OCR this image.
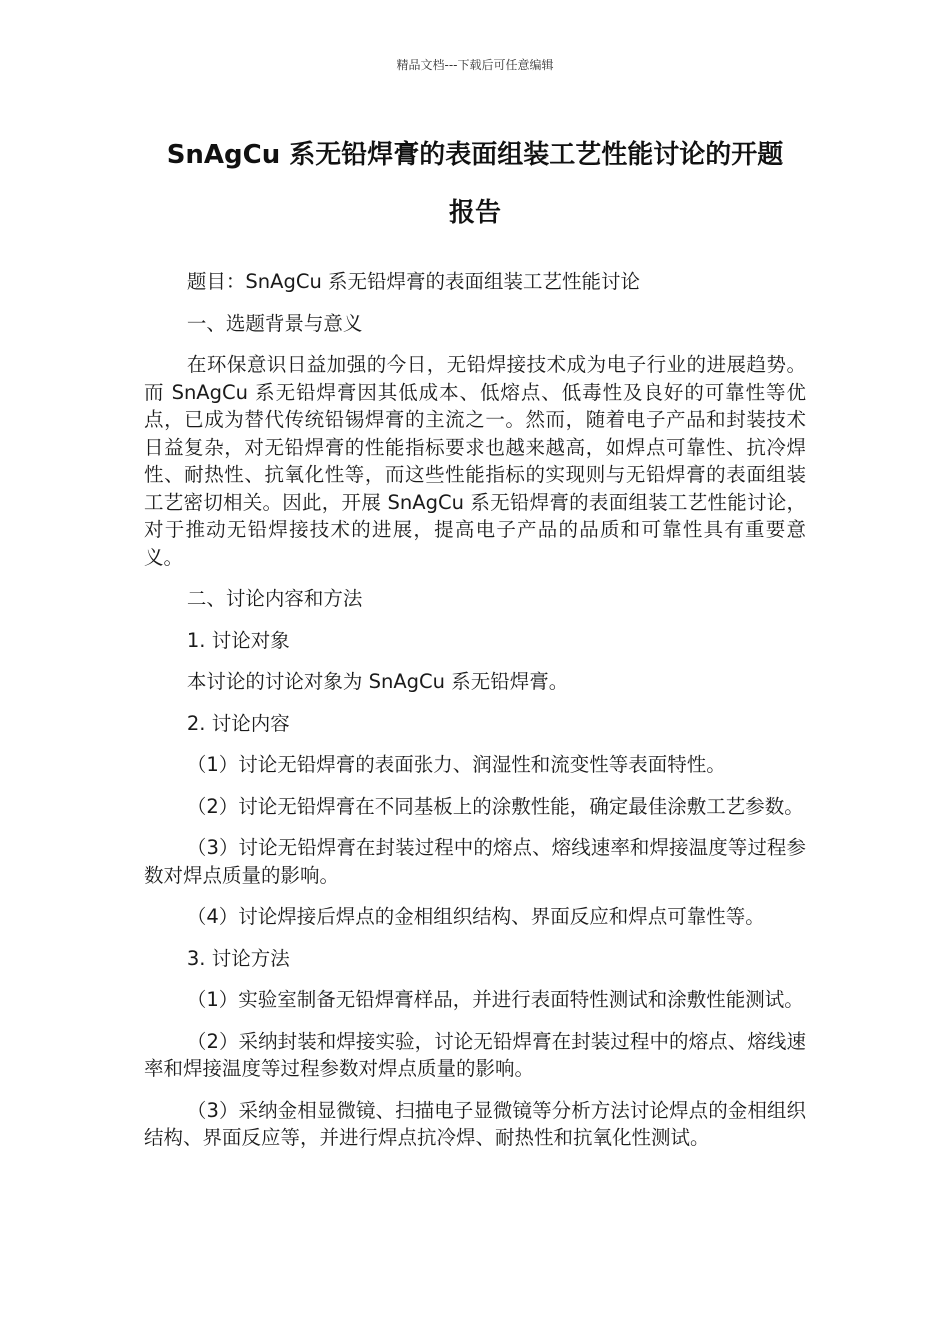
精品文档---下载后可任意编辑
SnAgCu 系无铅焊膏的表面组装工艺性能讨论的开题
报告

题目：SnAgCu 系无铅焊膏的表面组装工艺性能讨论

一、选题背景与意义

在环保意识日益加强的今日，无铅焊接技术成为电子行业的进展趋势。而 SnAgCu 系无铅焊膏因其低成本、低熔点、低毒性及良好的可靠性等优点，已成为替代传统铅锡焊膏的主流之一。然而，随着电子产品和封装技术日益复杂，对无铅焊膏的性能指标要求也越来越高，如焊点可靠性、抗冷焊性、耐热性、抗氧化性等，而这些性能指标的实现则与无铅焊膏的表面组装工艺密切相关。因此，开展 SnAgCu 系无铅焊膏的表面组装工艺性能讨论，对于推动无铅焊接技术的进展，提高电子产品的品质和可靠性具有重要意义。

二、讨论内容和方法

1. 讨论对象

本讨论的讨论对象为 SnAgCu 系无铅焊膏。

2. 讨论内容

（1）讨论无铅焊膏的表面张力、润湿性和流变性等表面特性。

（2）讨论无铅焊膏在不同基板上的涂敷性能，确定最佳涂敷工艺参数。

（3）讨论无铅焊膏在封装过程中的熔点、熔线速率和焊接温度等过程参数对焊点质量的影响。

（4）讨论焊接后焊点的金相组织结构、界面反应和焊点可靠性等。

3. 讨论方法

（1）实验室制备无铅焊膏样品，并进行表面特性测试和涂敷性能测试。

（2）采纳封装和焊接实验，讨论无铅焊膏在封装过程中的熔点、熔线速率和焊接温度等过程参数对焊点质量的影响。

（3）采纳金相显微镜、扫描电子显微镜等分析方法讨论焊点的金相组织结构、界面反应等，并进行焊点抗冷焊、耐热性和抗氧化性测试。
